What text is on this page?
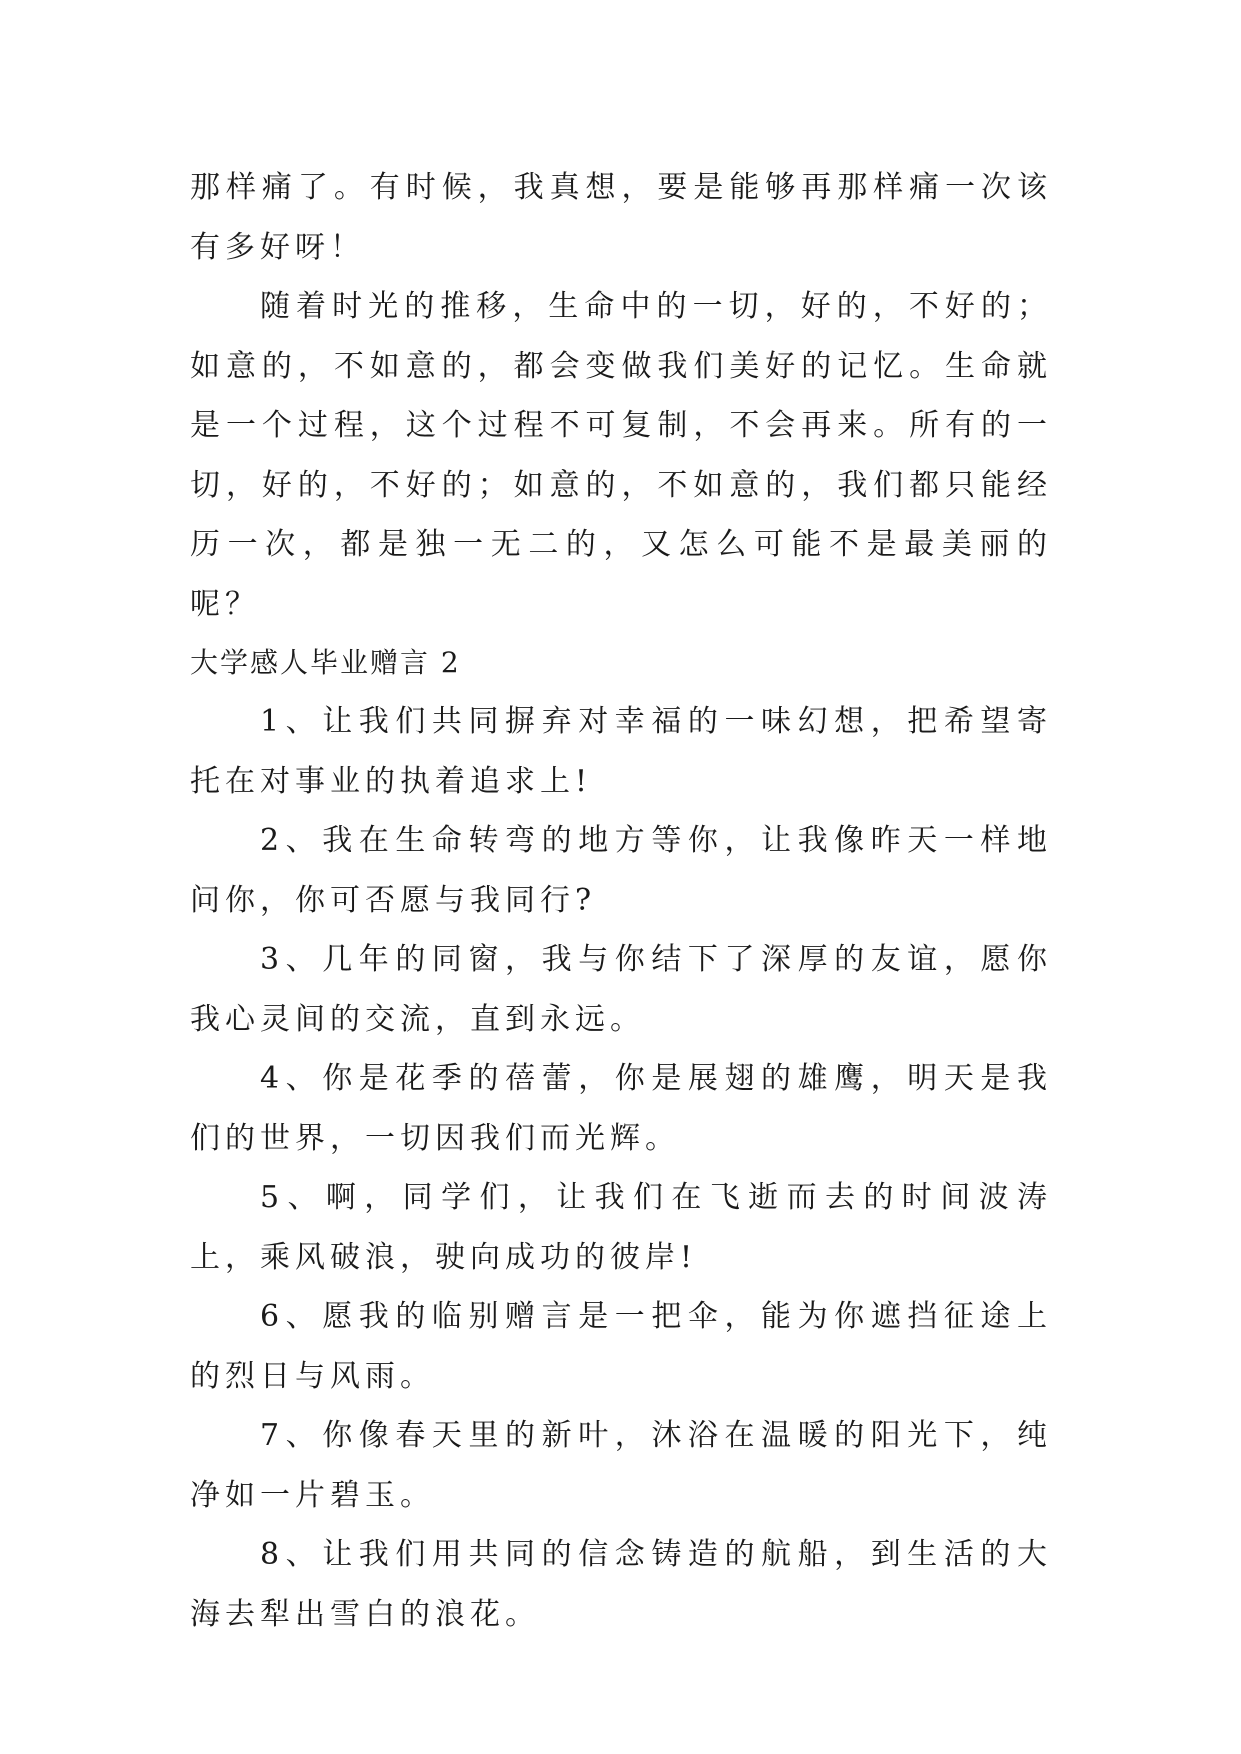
那样痛了。有时候，我真想，要是能够再那样痛一次该有多好呀！

随着时光的推移，生命中的一切，好的，不好的；如意的，不如意的，都会变做我们美好的记忆。生命就是一个过程，这个过程不可复制，不会再来。所有的一切，好的，不好的；如意的，不如意的，我们都只能经历一次，都是独一无二的，又怎么可能不是最美丽的呢？

大学感人毕业赠言 2

1、让我们共同摒弃对幸福的一味幻想，把希望寄托在对事业的执着追求上!

2、我在生命转弯的地方等你，让我像昨天一样地问你，你可否愿与我同行?

3、几年的同窗，我与你结下了深厚的友谊，愿你我心灵间的交流，直到永远。

4、你是花季的蓓蕾，你是展翅的雄鹰，明天是我们的世界，一切因我们而光辉。

5、啊，同学们，让我们在飞逝而去的时间波涛上，乘风破浪，驶向成功的彼岸!

6、愿我的临别赠言是一把伞，能为你遮挡征途上的烈日与风雨。

7、你像春天里的新叶，沐浴在温暖的阳光下，纯净如一片碧玉。

8、让我们用共同的信念铸造的航船，到生活的大海去犁出雪白的浪花。
